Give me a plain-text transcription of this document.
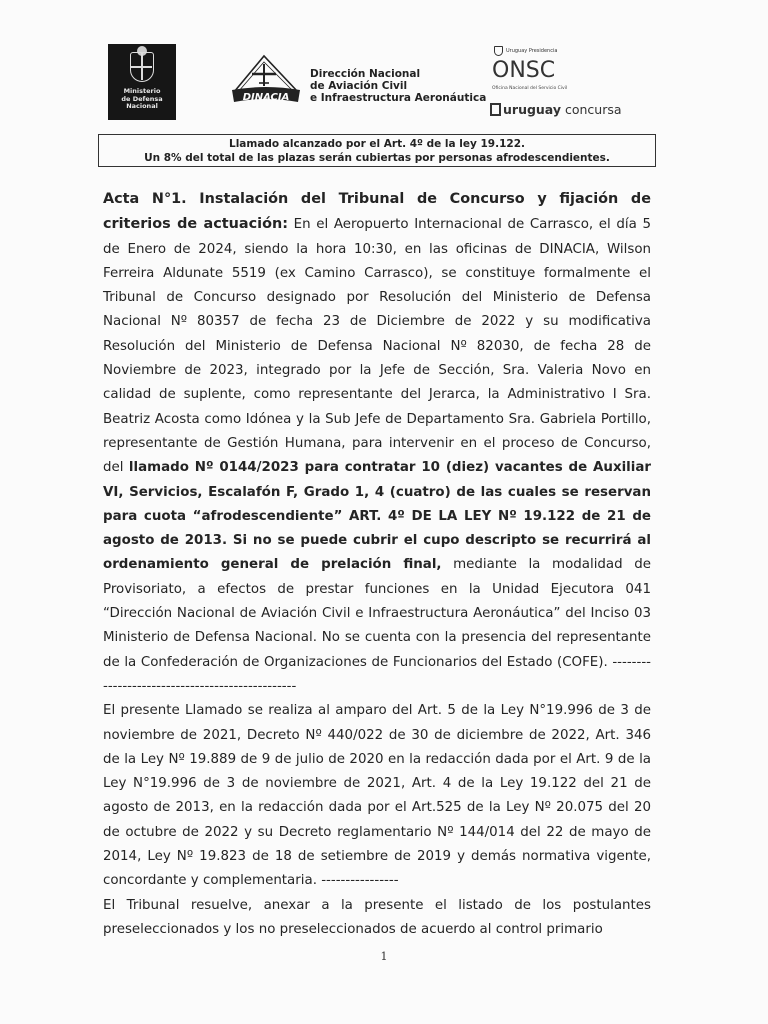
Ministerio
de Defensa
Nacional
DINACIA
Dirección Nacional
de Aviación Civil
e Infraestructura Aeronáutica
Uruguay Presidencia
ONSC
Oficina Nacional del Servicio Civil
uruguay concursa
Llamado alcanzado por el Art. 4º de la ley 19.122.
Un 8% del total de las plazas serán cubiertas por personas afrodescendientes.

Acta N°1. Instalación del Tribunal de Concurso y fijación de criterios de actuación: En el Aeropuerto Internacional de Carrasco, el día 5 de Enero de 2024, siendo la hora 10:30, en las oficinas de DINACIA, Wilson Ferreira Aldunate 5519 (ex Camino Carrasco), se constituye formalmente el Tribunal de Concurso designado por Resolución del Ministerio de Defensa Nacional Nº 80357 de fecha 23 de Diciembre de 2022 y su modificativa Resolución del Ministerio de Defensa Nacional Nº 82030, de fecha 28 de Noviembre de 2023, integrado por la Jefe de Sección, Sra. Valeria Novo en calidad de suplente, como representante del Jerarca, la Administrativo I Sra. Beatriz Acosta como Idónea y la Sub Jefe de Departamento Sra. Gabriela Portillo, representante de Gestión Humana, para intervenir en el proceso de Concurso, del llamado Nº 0144/2023 para contratar 10 (diez) vacantes de Auxiliar VI, Servicios, Escalafón F, Grado 1, 4 (cuatro) de las cuales se reservan para cuota “afrodescendiente” ART. 4º DE LA LEY Nº 19.122 de 21 de agosto de 2013. Si no se puede cubrir el cupo descripto se recurrirá al ordenamiento general de prelación final, mediante la modalidad de Provisoriato, a efectos de prestar funciones en la Unidad Ejecutora 041 “Dirección Nacional de Aviación Civil e Infraestructura Aeronáutica” del Inciso 03 Ministerio de Defensa Nacional. No se cuenta con la presencia del representante de la Confederación de Organizaciones de Funcionarios del Estado (COFE). ------------------------------------------------

El presente Llamado se realiza al amparo del Art. 5 de la Ley N°19.996 de 3 de noviembre de 2021, Decreto Nº 440/022 de 30 de diciembre de 2022, Art. 346 de la Ley Nº 19.889 de 9 de julio de 2020 en la redacción dada por el Art. 9 de la Ley N°19.996 de 3 de noviembre de 2021, Art. 4 de la Ley 19.122 del 21 de agosto de 2013, en la redacción dada por el Art.525 de la Ley Nº 20.075 del 20 de octubre de 2022 y su Decreto reglamentario Nº 144/014 del 22 de mayo de 2014, Ley Nº 19.823 de 18 de setiembre de 2019 y demás normativa vigente, concordante y complementaria. ----------------

El Tribunal resuelve, anexar a la presente el listado de los postulantes preseleccionados y los no preseleccionados de acuerdo al control primario

1
